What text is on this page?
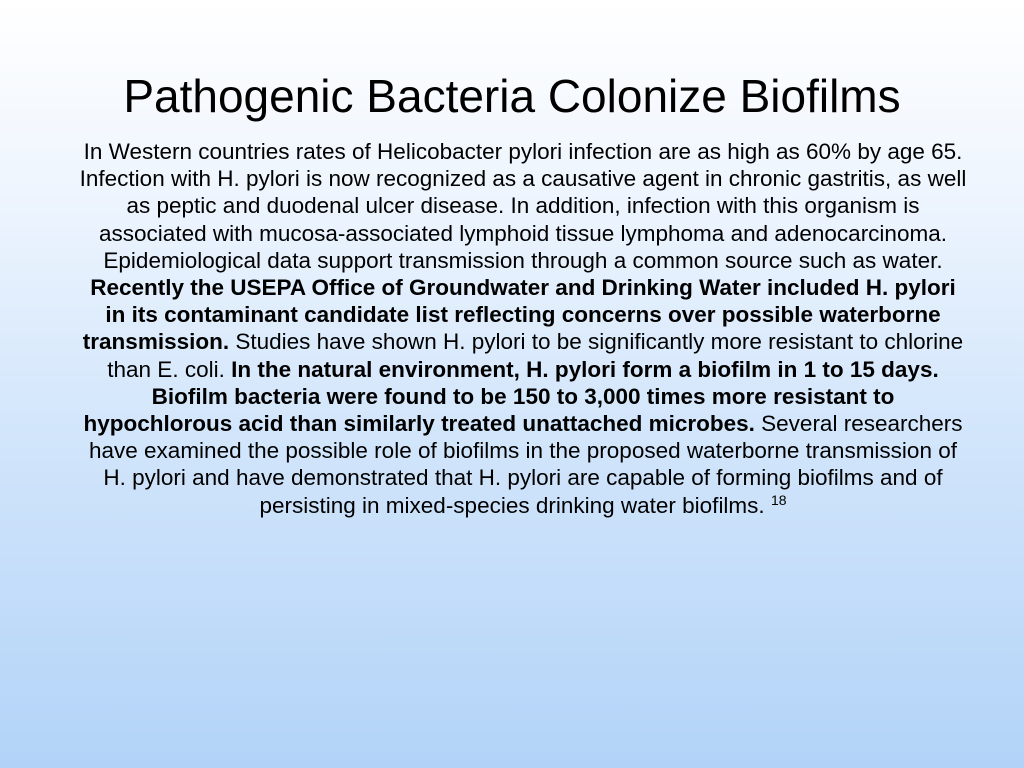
Pathogenic Bacteria Colonize Biofilms

In Western countries rates of Helicobacter pylori infection are as high as 60% by age 65. Infection with H. pylori is now recognized as a causative agent in chronic gastritis, as well as peptic and duodenal ulcer disease. In addition, infection with this organism is associated with mucosa-associated lymphoid tissue lymphoma and adenocarcinoma. Epidemiological data support transmission through a common source such as water. Recently the USEPA Office of Groundwater and Drinking Water included H. pylori in its contaminant candidate list reflecting concerns over possible waterborne transmission. Studies have shown H. pylori to be significantly more resistant to chlorine than E. coli. In the natural environment, H. pylori form a biofilm in 1 to 15 days. Biofilm bacteria were found to be 150 to 3,000 times more resistant to hypochlorous acid than similarly treated unattached microbes. Several researchers have examined the possible role of biofilms in the proposed waterborne transmission of H. pylori and have demonstrated that H. pylori are capable of forming biofilms and of persisting in mixed-species drinking water biofilms. $^{18}$
